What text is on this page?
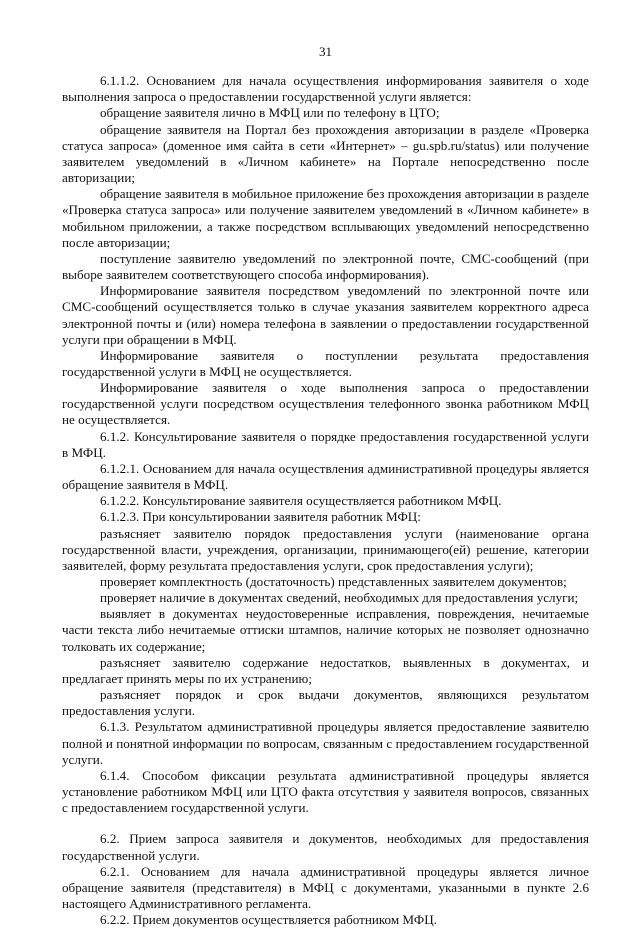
31

6.1.1.2. Основанием для начала осуществления информирования заявителя о ходе выполнения запроса о предоставлении государственной услуги является:

обращение заявителя лично в МФЦ или по телефону в ЦТО;

обращение заявителя на Портал без прохождения авторизации в разделе «Проверка статуса запроса» (доменное имя сайта в сети «Интернет» – gu.spb.ru/status) или получение заявителем уведомлений в «Личном кабинете» на Портале непосредственно после авторизации;

обращение заявителя в мобильное приложение без прохождения авторизации в разделе «Проверка статуса запроса» или получение заявителем уведомлений в «Личном кабинете» в мобильном приложении, а также посредством всплывающих уведомлений непосредственно после авторизации;

поступление заявителю уведомлений по электронной почте, СМС-сообщений (при выборе заявителем соответствующего способа информирования).

Информирование заявителя посредством уведомлений по электронной почте или СМС-сообщений осуществляется только в случае указания заявителем корректного адреса электронной почты и (или) номера телефона в заявлении о предоставлении государственной услуги при обращении в МФЦ.

Информирование заявителя о поступлении результата предоставления государственной услуги в МФЦ не осуществляется.

Информирование заявителя о ходе выполнения запроса о предоставлении государственной услуги посредством осуществления телефонного звонка работником МФЦ не осуществляется.

6.1.2. Консультирование заявителя о порядке предоставления государственной услуги в МФЦ.

6.1.2.1. Основанием для начала осуществления административной процедуры является обращение заявителя в МФЦ.

6.1.2.2. Консультирование заявителя осуществляется работником МФЦ.

6.1.2.3. При консультировании заявителя работник МФЦ:

разъясняет заявителю порядок предоставления услуги (наименование органа государственной власти, учреждения, организации, принимающего(ей) решение, категории заявителей, форму результата предоставления услуги, срок предоставления услуги);

проверяет комплектность (достаточность) представленных заявителем документов;

проверяет наличие в документах сведений, необходимых для предоставления услуги;

выявляет в документах неудостоверенные исправления, повреждения, нечитаемые части текста либо нечитаемые оттиски штампов, наличие которых не позволяет однозначно толковать их содержание;

разъясняет заявителю содержание недостатков, выявленных в документах, и предлагает принять меры по их устранению;

разъясняет порядок и срок выдачи документов, являющихся результатом предоставления услуги.

6.1.3. Результатом административной процедуры является предоставление заявителю полной и понятной информации по вопросам, связанным с предоставлением государственной услуги.

6.1.4. Способом фиксации результата административной процедуры является установление работником МФЦ или ЦТО факта отсутствия у заявителя вопросов, связанных с предоставлением государственной услуги.

6.2. Прием запроса заявителя и документов, необходимых для предоставления государственной услуги.

6.2.1. Основанием для начала административной процедуры является личное обращение заявителя (представителя) в МФЦ с документами, указанными в пункте 2.6 настоящего Административного регламента.

6.2.2. Прием документов осуществляется работником МФЦ.
